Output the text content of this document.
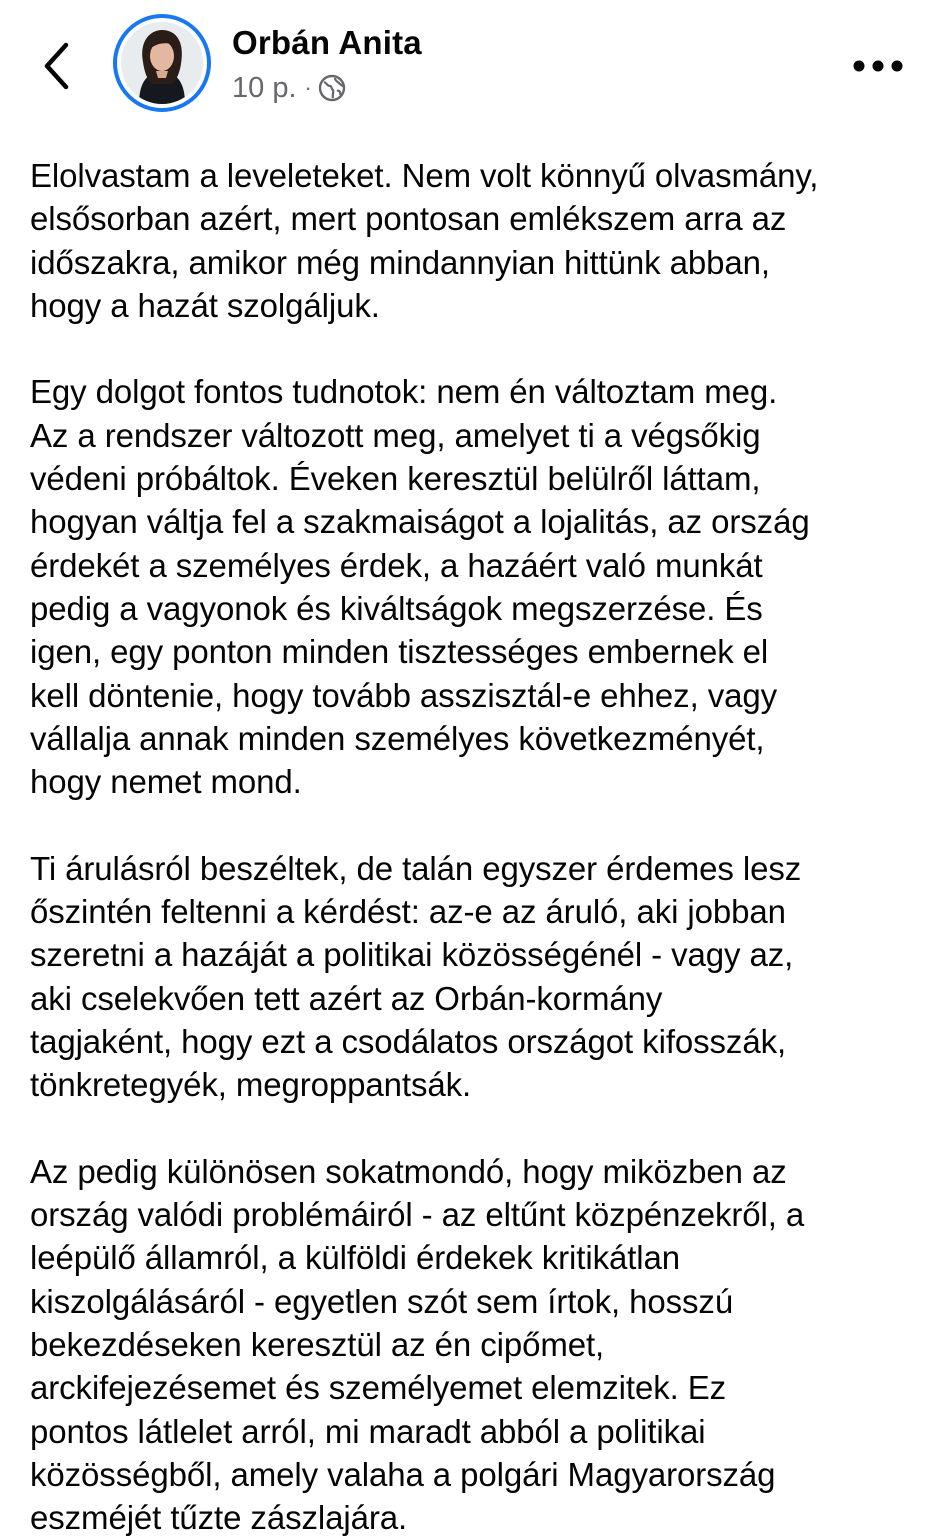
Orbán Anita
10 p. ·

Elolvastam a leveleteket. Nem volt könnyű olvasmány,
elsősorban azért, mert pontosan emlékszem arra az
időszakra, amikor még mindannyian hittünk abban,
hogy a hazát szolgáljuk.

Egy dolgot fontos tudnotok: nem én változtam meg.
Az a rendszer változott meg, amelyet ti a végsőkig
védeni próbáltok. Éveken keresztül belülről láttam,
hogyan váltja fel a szakmaiságot a lojalitás, az ország
érdekét a személyes érdek, a hazáért való munkát
pedig a vagyonok és kiváltságok megszerzése. És
igen, egy ponton minden tisztességes embernek el
kell döntenie, hogy tovább asszisztál-e ehhez, vagy
vállalja annak minden személyes következményét,
hogy nemet mond.

Ti árulásról beszéltek, de talán egyszer érdemes lesz
őszintén feltenni a kérdést: az-e az áruló, aki jobban
szeretni a hazáját a politikai közösségénél - vagy az,
aki cselekvően tett azért az Orbán-kormány
tagjaként, hogy ezt a csodálatos országot kifosszák,
tönkretegyék, megroppantsák.

Az pedig különösen sokatmondó, hogy miközben az
ország valódi problémáiról - az eltűnt közpénzekről, a
leépülő államról, a külföldi érdekek kritikátlan
kiszolgálásáról - egyetlen szót sem írtok, hosszú
bekezdéseken keresztül az én cipőmet,
arckifejezésemet és személyemet elemzitek. Ez
pontos látlelet arról, mi maradt abból a politikai
közösségből, amely valaha a polgári Magyarország
eszméjét tűzte zászlajára.
